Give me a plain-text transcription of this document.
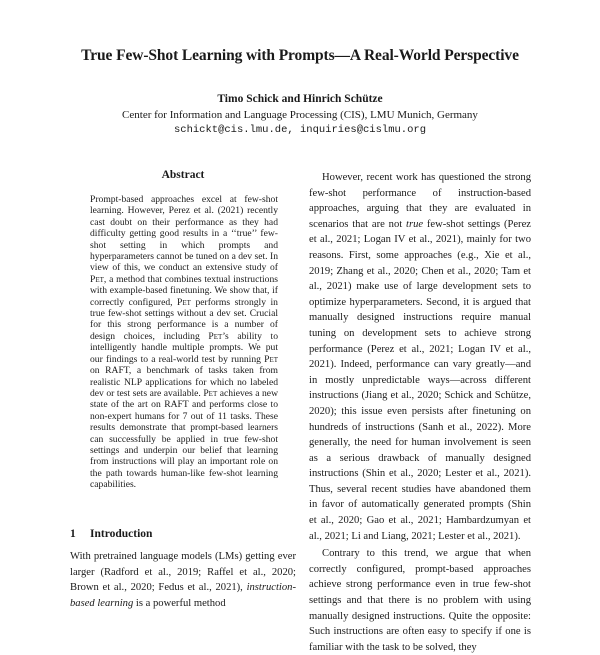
True Few-Shot Learning with Prompts—A Real-World Perspective
Timo Schick and Hinrich Schütze
Center for Information and Language Processing (CIS), LMU Munich, Germany
schickt@cis.lmu.de, inquiries@cislmu.org
Abstract

Prompt-based approaches excel at few-shot learning. However, Perez et al. (2021) recently cast doubt on their performance as they had difficulty getting good results in a ‘‘true’’ few-shot setting in which prompts and hyperparameters cannot be tuned on a dev set. In view of this, we conduct an extensive study of Pet, a method that combines textual instructions with example-based finetuning. We show that, if correctly configured, Pet performs strongly in true few-shot settings without a dev set. Crucial for this strong performance is a number of design choices, including Pet’s ability to intelligently handle multiple prompts. We put our findings to a real-world test by running Pet on RAFT, a benchmark of tasks taken from realistic NLP applications for which no labeled dev or test sets are available. Pet achieves a new state of the art on RAFT and performs close to non-expert humans for 7 out of 11 tasks. These results demonstrate that prompt-based learners can successfully be applied in true few-shot settings and underpin our belief that learning from instructions will play an important role on the path towards human-like few-shot learning capabilities.

1 Introduction

With pretrained language models (LMs) getting ever larger (Radford et al., 2019; Raffel et al., 2020; Brown et al., 2020; Fedus et al., 2021), instruction-based learning is a powerful method

However, recent work has questioned the strong few-shot performance of instruction-based approaches, arguing that they are evaluated in scenarios that are not true few-shot settings (Perez et al., 2021; Logan IV et al., 2021), mainly for two reasons. First, some approaches (e.g., Xie et al., 2019; Zhang et al., 2020; Chen et al., 2020; Tam et al., 2021) make use of large development sets to optimize hyperparameters. Second, it is argued that manually designed instructions require manual tuning on development sets to achieve strong performance (Perez et al., 2021; Logan IV et al., 2021). Indeed, performance can vary greatly—and in mostly unpredictable ways—across different instructions (Jiang et al., 2020; Schick and Schütze, 2020); this issue even persists after finetuning on hundreds of instructions (Sanh et al., 2022). More generally, the need for human involvement is seen as a serious drawback of manually designed instructions (Shin et al., 2020; Lester et al., 2021). Thus, several recent studies have abandoned them in favor of automatically generated prompts (Shin et al., 2020; Gao et al., 2021; Hambardzumyan et al., 2021; Li and Liang, 2021; Lester et al., 2021).

Contrary to this trend, we argue that when correctly configured, prompt-based approaches achieve strong performance even in true few-shot settings and that there is no problem with using manually designed instructions. Quite the opposite: Such instructions are often easy to specify if one is familiar with the task to be solved, they
